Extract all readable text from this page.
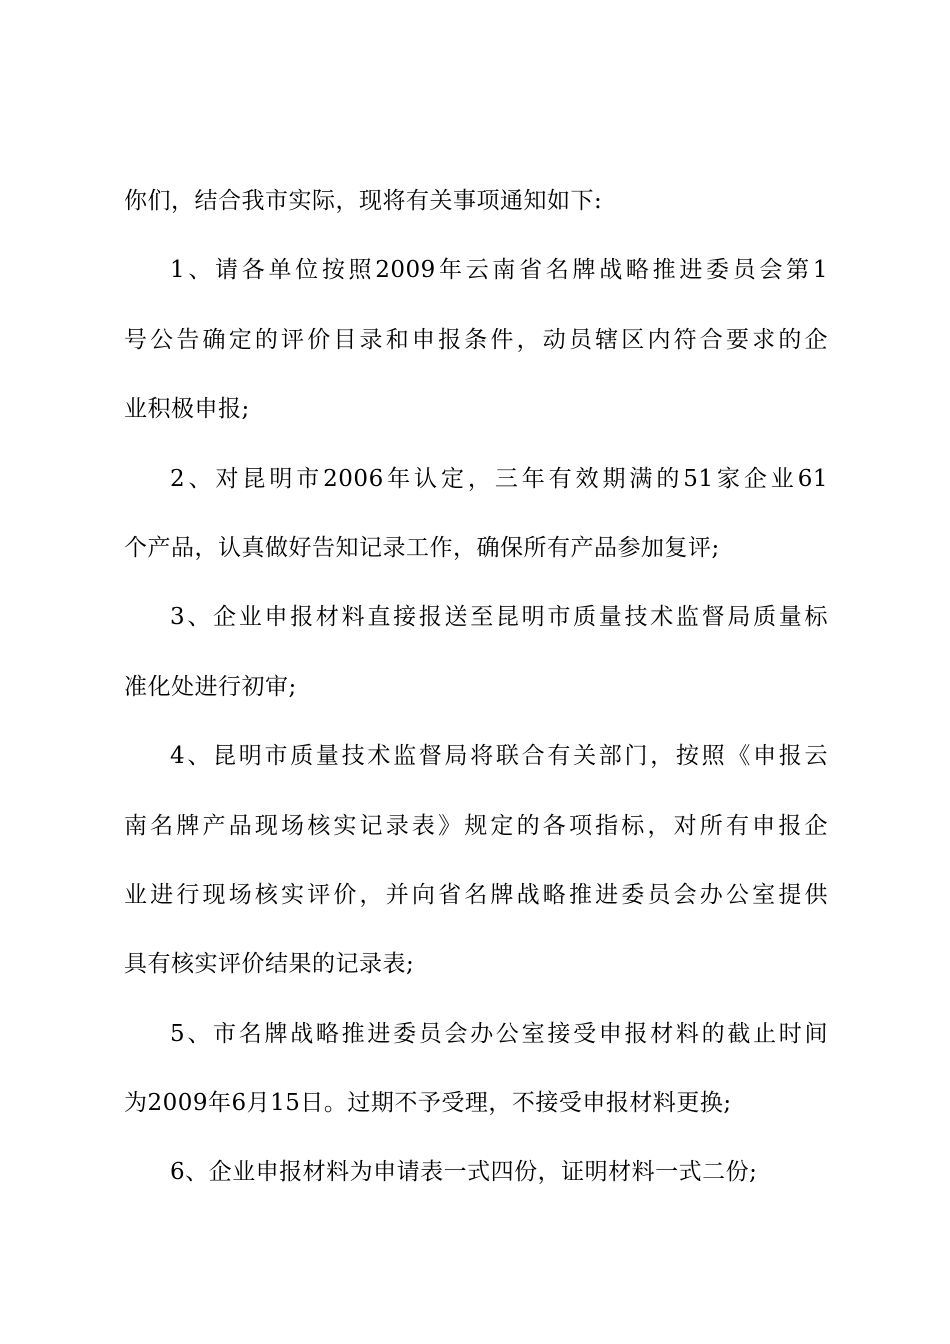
你们，结合我市实际，现将有关事项通知如下:
1、请各单位按照2009年云南省名牌战略推进委员会第1
号公告确定的评价目录和申报条件，动员辖区内符合要求的企
业积极申报;
2、对昆明市2006年认定，三年有效期满的51家企业61
个产品，认真做好告知记录工作，确保所有产品参加复评;
3、企业申报材料直接报送至昆明市质量技术监督局质量标
准化处进行初审;
4、昆明市质量技术监督局将联合有关部门，按照《申报云
南名牌产品现场核实记录表》规定的各项指标，对所有申报企
业进行现场核实评价，并向省名牌战略推进委员会办公室提供
具有核实评价结果的记录表;
5、市名牌战略推进委员会办公室接受申报材料的截止时间
为2009年6月15日。过期不予受理，不接受申报材料更换;
6、企业申报材料为申请表一式四份，证明材料一式二份;
